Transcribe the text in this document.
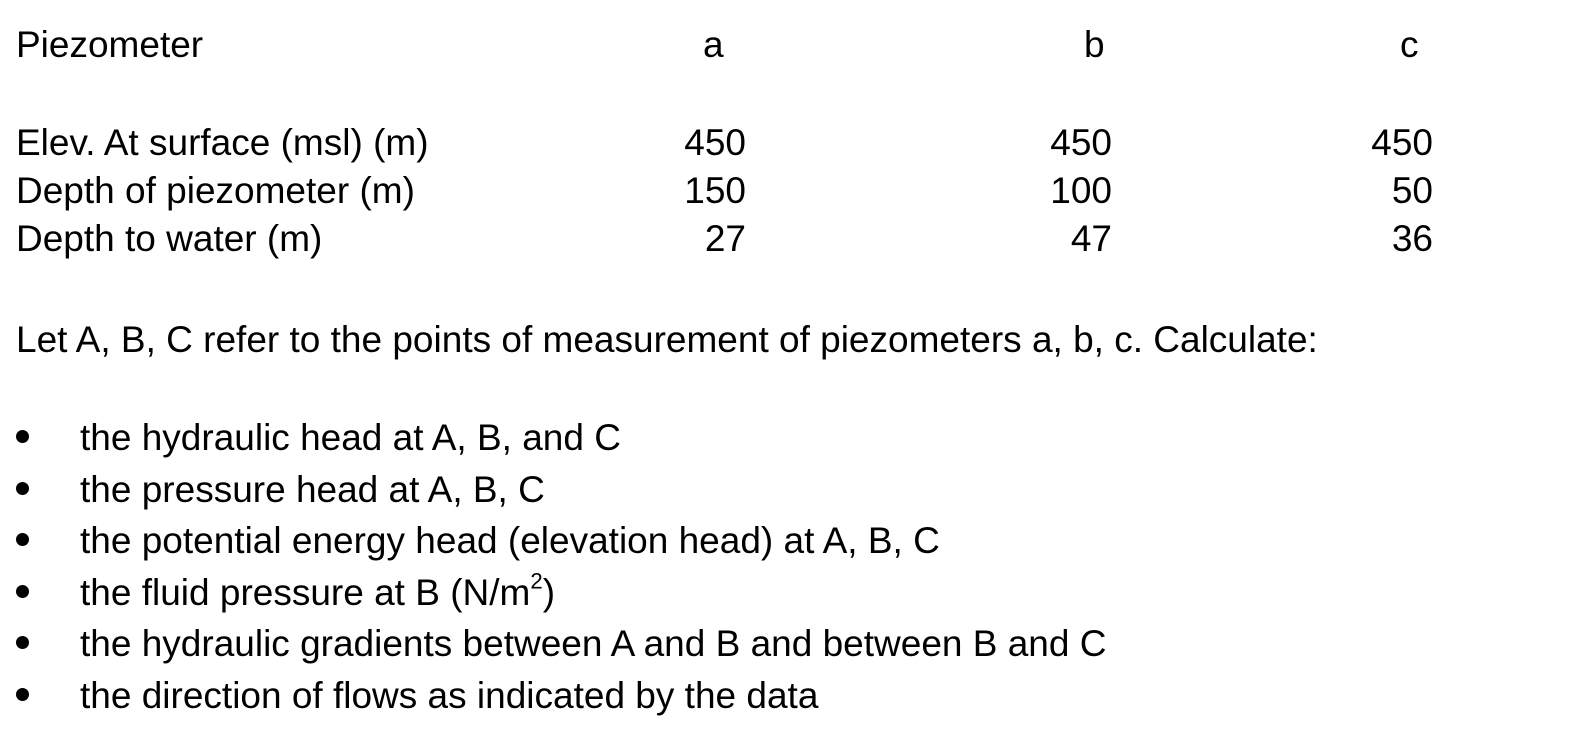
Piezometer	a	b	c
Elev. At surface (msl) (m)	450	450	450
Depth of piezometer (m)	150	100	50
Depth to water (m)	27	47	36
Let A, B, C refer to the points of measurement of piezometers a, b, c. Calculate:
the hydraulic head at A, B, and C
the pressure head at A, B, C
the potential energy head (elevation head) at A, B, C
the fluid pressure at B $(N/m^2)$
the hydraulic gradients between A and B and between B and C
the direction of flows as indicated by the data
